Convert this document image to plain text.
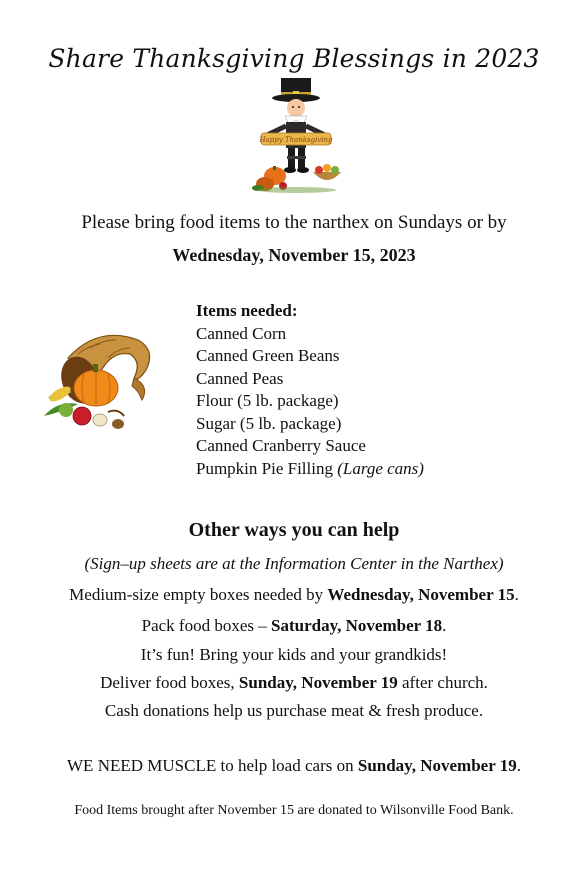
Share Thanksgiving Blessings in 2023
Happy Thanksgiving
Please bring food items to the narthex on Sundays or by
Wednesday, November 15, 2023
Items needed:
Canned Corn
Canned Green Beans
Canned Peas
Flour (5 lb. package)
Sugar (5 lb. package)
Canned Cranberry Sauce
Pumpkin Pie Filling (Large cans)
Other ways you can help
(Sign–up sheets are at the Information Center in the Narthex)
Medium-size empty boxes needed by Wednesday, November 15.
Pack food boxes – Saturday, November 18.
It’s fun! Bring your kids and your grandkids!
Deliver food boxes, Sunday, November 19 after church.
Cash donations help us purchase meat & fresh produce.
WE NEED MUSCLE to help load cars on Sunday, November 19.
Food Items brought after November 15 are donated to Wilsonville Food Bank.
